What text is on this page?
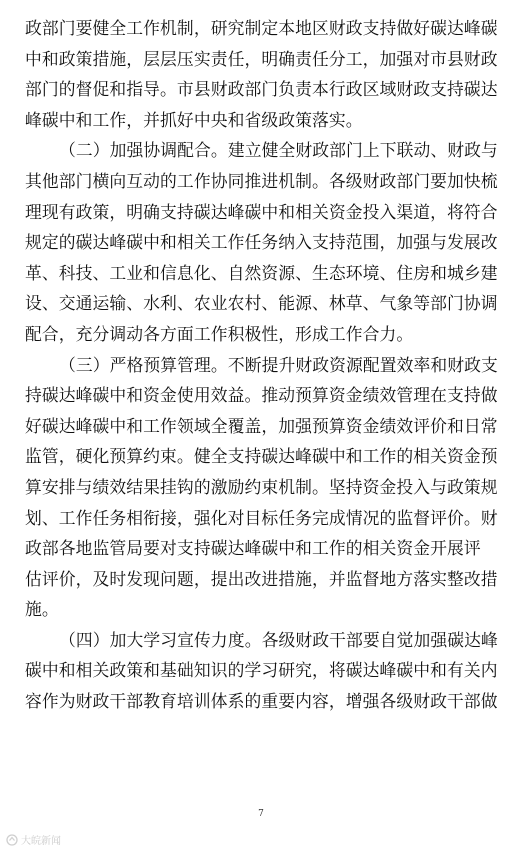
政部门要健全工作机制，研究制定本地区财政支持做好碳达峰碳
中和政策措施，层层压实责任，明确责任分工，加强对市县财政
部门的督促和指导。市县财政部门负责本行政区域财政支持碳达
峰碳中和工作，并抓好中央和省级政策落实。
（二）加强协调配合。建立健全财政部门上下联动、财政与
其他部门横向互动的工作协同推进机制。各级财政部门要加快梳
理现有政策，明确支持碳达峰碳中和相关资金投入渠道，将符合
规定的碳达峰碳中和相关工作任务纳入支持范围，加强与发展改
革、科技、工业和信息化、自然资源、生态环境、住房和城乡建
设、交通运输、水利、农业农村、能源、林草、气象等部门协调
配合，充分调动各方面工作积极性，形成工作合力。
（三）严格预算管理。不断提升财政资源配置效率和财政支
持碳达峰碳中和资金使用效益。推动预算资金绩效管理在支持做
好碳达峰碳中和工作领域全覆盖，加强预算资金绩效评价和日常
监管，硬化预算约束。健全支持碳达峰碳中和工作的相关资金预
算安排与绩效结果挂钩的激励约束机制。坚持资金投入与政策规
划、工作任务相衔接，强化对目标任务完成情况的监督评价。财
政部各地监管局要对支持碳达峰碳中和工作的相关资金开展评
估评价，及时发现问题，提出改进措施，并监督地方落实整改措
施。
（四）加大学习宣传力度。各级财政干部要自觉加强碳达峰
碳中和相关政策和基础知识的学习研究，将碳达峰碳中和有关内
容作为财政干部教育培训体系的重要内容，增强各级财政干部做
7
大皖新闻
